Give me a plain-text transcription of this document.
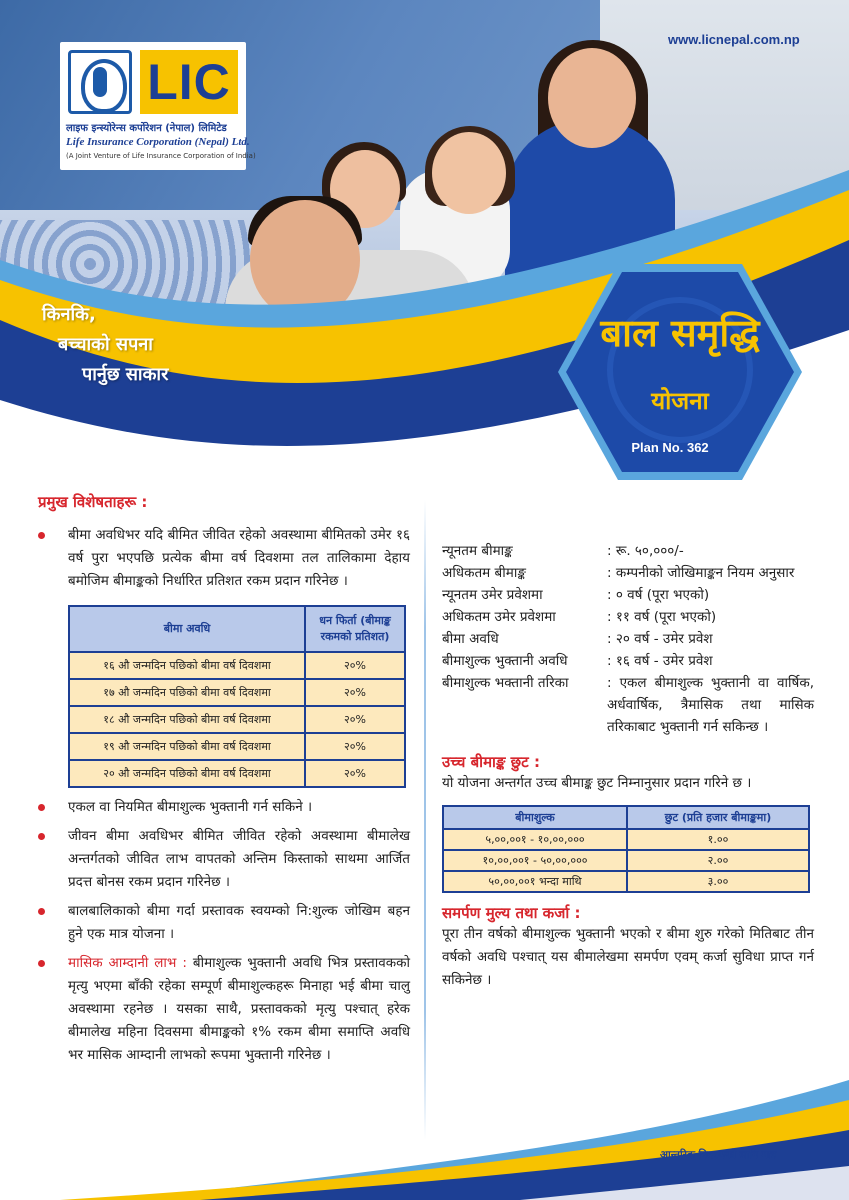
बाल समृद्धि
योजना
Plan No. 362
LIC
लाइफ इन्स्योरेन्स कर्पोरेशन (नेपाल) लिमिटेड
Life Insurance Corporation (Nepal) Ltd.
(A Joint Venture of Life Insurance Corporation of India)
www.licnepal.com.np
किनकि,
बच्चाको सपना
पार्नुछ साकार
प्रमुख विशेषताहरू :
बीमा अवधिभर यदि बीमित जीवित रहेको अवस्थामा बीमितको उमेर १६ वर्ष पुरा भएपछि प्रत्येक बीमा वर्ष दिवशमा तल तालिकामा देहाय बमोजिम बीमाङ्कको निर्धारित प्रतिशत रकम प्रदान गरिनेछ ।
बीमा अवधि	धन फिर्ता (बीमाङ्क रकमको प्रतिशत)
१६ औ जन्मदिन पछिको बीमा वर्ष दिवशमा	२०%
१७ औ जन्मदिन पछिको बीमा वर्ष दिवशमा	२०%
१८ औ जन्मदिन पछिको बीमा वर्ष दिवशमा	२०%
१९ औ जन्मदिन पछिको बीमा वर्ष दिवशमा	२०%
२० औ जन्मदिन पछिको बीमा वर्ष दिवशमा	२०%
एकल वा नियमित बीमाशुल्क भुक्तानी गर्न सकिने ।
जीवन बीमा अवधिभर बीमित जीवित रहेको अवस्थामा बीमालेख अन्तर्गतको जीवित लाभ वापतको अन्तिम किस्ताको साथमा आर्जित प्रदत्त बोनस रकम प्रदान गरिनेछ ।
बालबालिकाको बीमा गर्दा प्रस्तावक स्वयम्को नि:शुल्क जोखिम बहन हुने एक मात्र योजना ।
मासिक आम्दानी लाभ : बीमाशुल्क भुक्तानी अवधि भित्र प्रस्तावकको मृत्यु भएमा बाँकी रहेका सम्पूर्ण बीमाशुल्कहरू मिनाहा भई बीमा चालु अवस्थामा रहनेछ । यसका साथै, प्रस्तावकको मृत्यु पश्चात् हरेक बीमालेख महिना दिवसमा बीमाङ्कको १% रकम बीमा समाप्ति अवधि भर मासिक आम्दानी लाभको रूपमा भुक्तानी गरिनेछ ।
न्यूनतम बीमाङ्क	: रू. ५०,०००/-
अधिकतम बीमाङ्क	: कम्पनीको जोखिमाङ्कन नियम अनुसार
न्यूनतम उमेर प्रवेशमा	: ० वर्ष (पूरा भएको)
अधिकतम उमेर प्रवेशमा	: ११ वर्ष (पूरा भएको)
बीमा अवधि	: २० वर्ष - उमेर प्रवेश
बीमाशुल्क भुक्तानी अवधि	: १६ वर्ष - उमेर प्रवेश
बीमाशुल्क भक्तानी तरिका	: एकल बीमाशुल्क भुक्तानी वा वार्षिक, अर्धवार्षिक, त्रैमासिक तथा मासिक तरिकाबाट भुक्तानी गर्न सकिन्छ ।
उच्च बीमाङ्क छुट :
यो योजना अन्तर्गत उच्च बीमाङ्क छुट निम्नानुसार प्रदान गरिने छ ।
बीमाशुल्क	छुट (प्रति हजार बीमाङ्कमा)
५,००,००१ - १०,००,०००	१.००
१०,००,००१ - ५०,००,०००	२.००
५०,००,००१ भन्दा माथि	३.००
समर्पण मुल्य तथा कर्जा :
पूरा तीन वर्षको बीमाशुल्क भुक्तानी भएको र बीमा शुरु गरेको मितिबाट तीन वर्षको अवधि पश्चात् यस बीमालेखमा समर्पण एवम् कर्जा सुविधा प्राप्त गर्न सकिनेछ ।
आन्तरिक वितरणको लागि मात्र
